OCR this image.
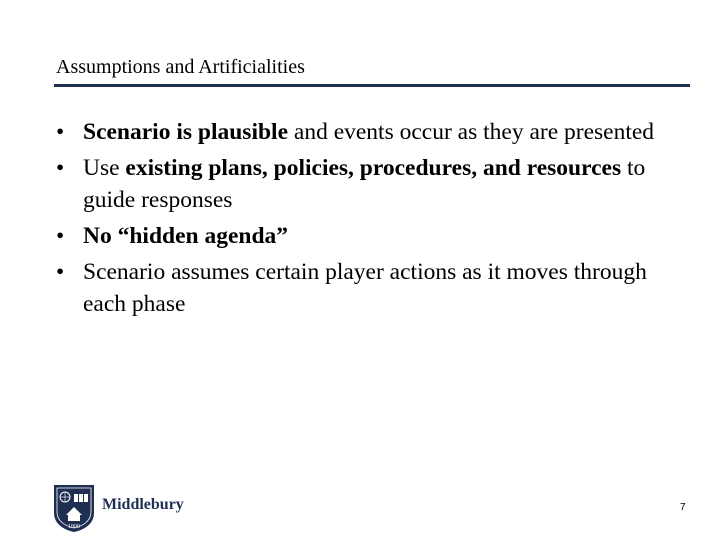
Assumptions and Artificialities
• Scenario is plausible and events occur as they are presented
• Use existing plans, policies, procedures, and resources to guide responses
• No “hidden agenda”
• Scenario assumes certain player actions as it moves through each phase
1800
Middlebury	7
